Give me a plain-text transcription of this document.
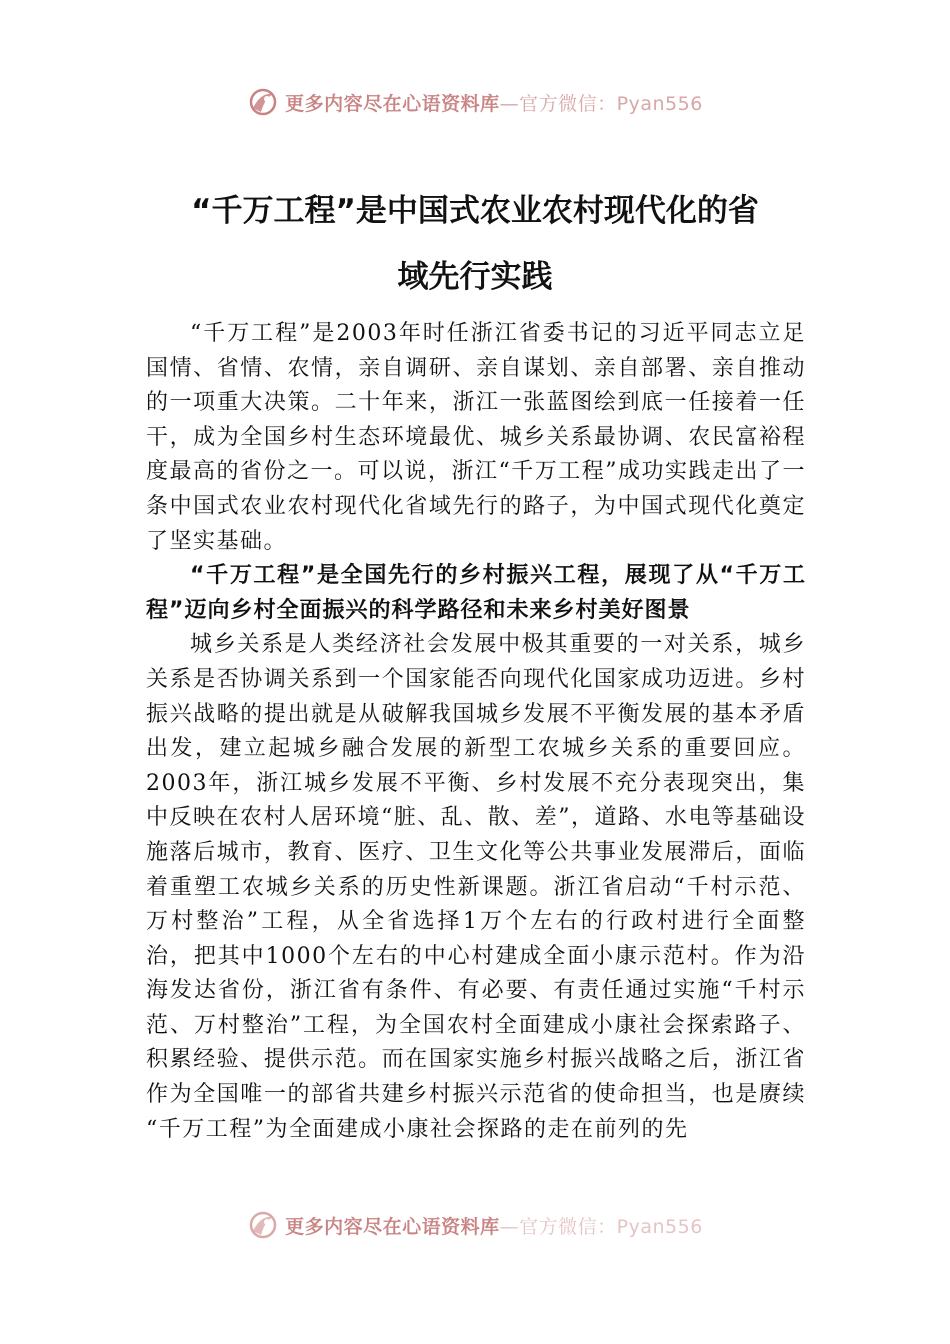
更多内容尽在心语资料库—官方微信：Pyan556
“千万工程”是中国式农业农村现代化的省
域先行实践

“千万工程”是2003年时任浙江省委书记的习近平同志立足国情、省情、农情，亲自调研、亲自谋划、亲自部署、亲自推动的一项重大决策。二十年来，浙江一张蓝图绘到底一任接着一任干，成为全国乡村生态环境最优、城乡关系最协调、农民富裕程度最高的省份之一。可以说，浙江“千万工程”成功实践走出了一条中国式农业农村现代化省域先行的路子，为中国式现代化奠定了坚实基础。

“千万工程”是全国先行的乡村振兴工程，展现了从“千万工程”迈向乡村全面振兴的科学路径和未来乡村美好图景

城乡关系是人类经济社会发展中极其重要的一对关系，城乡关系是否协调关系到一个国家能否向现代化国家成功迈进。乡村振兴战略的提出就是从破解我国城乡发展不平衡发展的基本矛盾出发，建立起城乡融合发展的新型工农城乡关系的重要回应。2003年，浙江城乡发展不平衡、乡村发展不充分表现突出，集中反映在农村人居环境“脏、乱、散、差”，道路、水电等基础设施落后城市，教育、医疗、卫生文化等公共事业发展滞后，面临着重塑工农城乡关系的历史性新课题。浙江省启动“千村示范、万村整治”工程，从全省选择1万个左右的行政村进行全面整治，把其中1000个左右的中心村建成全面小康示范村。作为沿海发达省份，浙江省有条件、有必要、有责任通过实施“千村示范、万村整治”工程，为全国农村全面建成小康社会探索路子、积累经验、提供示范。而在国家实施乡村振兴战略之后，浙江省作为全国唯一的部省共建乡村振兴示范省的使命担当，也是赓续 “千万工程”为全面建成小康社会探路的走在前列的先

更多内容尽在心语资料库—官方微信：Pyan556
